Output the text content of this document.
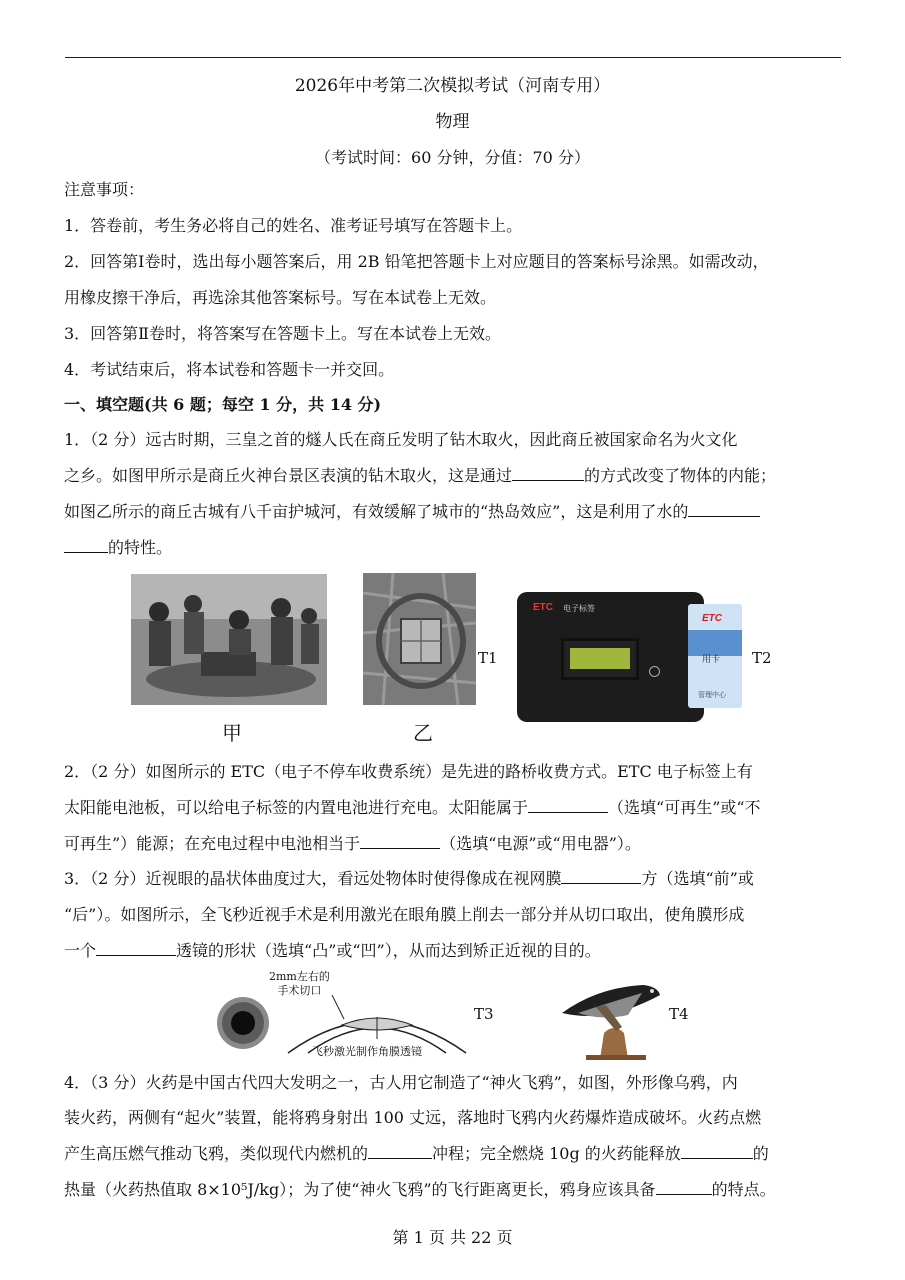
2026年中考第二次模拟考试（河南专用）
物理
（考试时间：60 分钟，分值：70 分）
注意事项：
1．答卷前，考生务必将自己的姓名、准考证号填写在答题卡上。
2．回答第Ⅰ卷时，选出每小题答案后，用 2B 铅笔把答题卡上对应题目的答案标号涂黑。如需改动，
用橡皮擦干净后，再选涂其他答案标号。写在本试卷上无效。
3．回答第Ⅱ卷时，将答案写在答题卡上。写在本试卷上无效。
4．考试结束后，将本试卷和答题卡一并交回。
一、填空题(共 6 题；每空 1 分，共 14 分)
1．（2 分）远古时期，三皇之首的燧人氏在商丘发明了钻木取火，因此商丘被国家命名为火文化
之乡。如图甲所示是商丘火神台景区表演的钻木取火，这是通过	的方式改变了物体的内能；
如图乙所示的商丘古城有八千亩护城河，有效缓解了城市的“热岛效应”，这是利用了水的
的特性。
甲	乙
T1
ETC 电子标签
ETC
用卡
管理中心
T2
2．（2 分）如图所示的 ETC（电子不停车收费系统）是先进的路桥收费方式。ETC 电子标签上有
太阳能电池板，可以给电子标签的内置电池进行充电。太阳能属于	（选填“可再生”或“不
可再生”）能源；在充电过程中电池相当于	（选填“电源”或“用电器”）。
3．（2 分）近视眼的晶状体曲度过大，看远处物体时使得像成在视网膜	方（选填“前”或
“后”）。如图所示，全飞秒近视手术是利用激光在眼角膜上削去一部分并从切口取出，使角膜形成
一个	透镜的形状（选填“凸”或“凹”），从而达到矫正近视的目的。
2mm左右的
手术切口
飞秒激光制作角膜透镜
T3	T4
4．（3 分）火药是中国古代四大发明之一，古人用它制造了“神火飞鸦”，如图，外形像乌鸦，内
装火药，两侧有“起火”装置，能将鸦身射出 100 丈远，落地时飞鸦内火药爆炸造成破坏。火药点燃
产生高压燃气推动飞鸦，类似现代内燃机的	冲程；完全燃烧 10g 的火药能释放	的
热量（火药热值取 8×10⁵J/kg）；为了使“神火飞鸦”的飞行距离更长，鸦身应该具备	的特点。
第 1 页 共 22 页
